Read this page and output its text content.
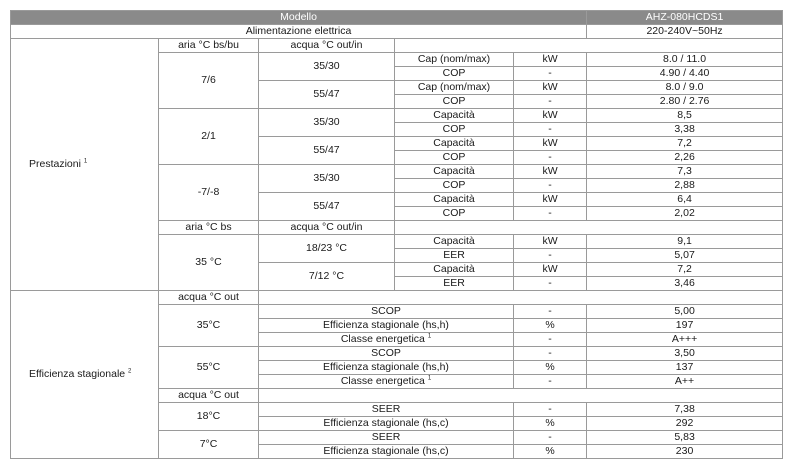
Modello					AHZ-080HCDS1
Alimentazione elettrica					220-240V~50Hz
Prestazioni $^1$	aria °C bs/bu	acqua °C out/in			
	7/6	35/30	Cap (nom/max)	kW	8.0 / 11.0
			COP	-	4.90 / 4.40
		55/47	Cap (nom/max)	kW	8.0 / 9.0
			COP	-	2.80 / 2.76
	2/1	35/30	Capacità	kW	8,5
			COP	-	3,38
		55/47	Capacità	kW	7,2
			COP	-	2,26
	-7/-8	35/30	Capacità	kW	7,3
			COP	-	2,88
		55/47	Capacità	kW	6,4
			COP	-	2,02
	aria °C bs	acqua °C out/in			
	35 °C	18/23 °C	Capacità	kW	9,1
			EER	-	5,07
		7/12 °C	Capacità	kW	7,2
			EER	-	3,46
Efficienza stagionale $^2$	acqua °C out				
	35°C	SCOP		-	5,00
		Efficienza stagionale (hs,h)		%	197
		Classe energetica $^1$		-	A+++
	55°C	SCOP		-	3,50
		Efficienza stagionale (hs,h)		%	137
		Classe energetica $^1$		-	A++
	acqua °C out				
	18°C	SEER		-	7,38
		Efficienza stagionale (hs,c)		%	292
	7°C	SEER		-	5,83
		Efficienza stagionale (hs,c)		%	230
